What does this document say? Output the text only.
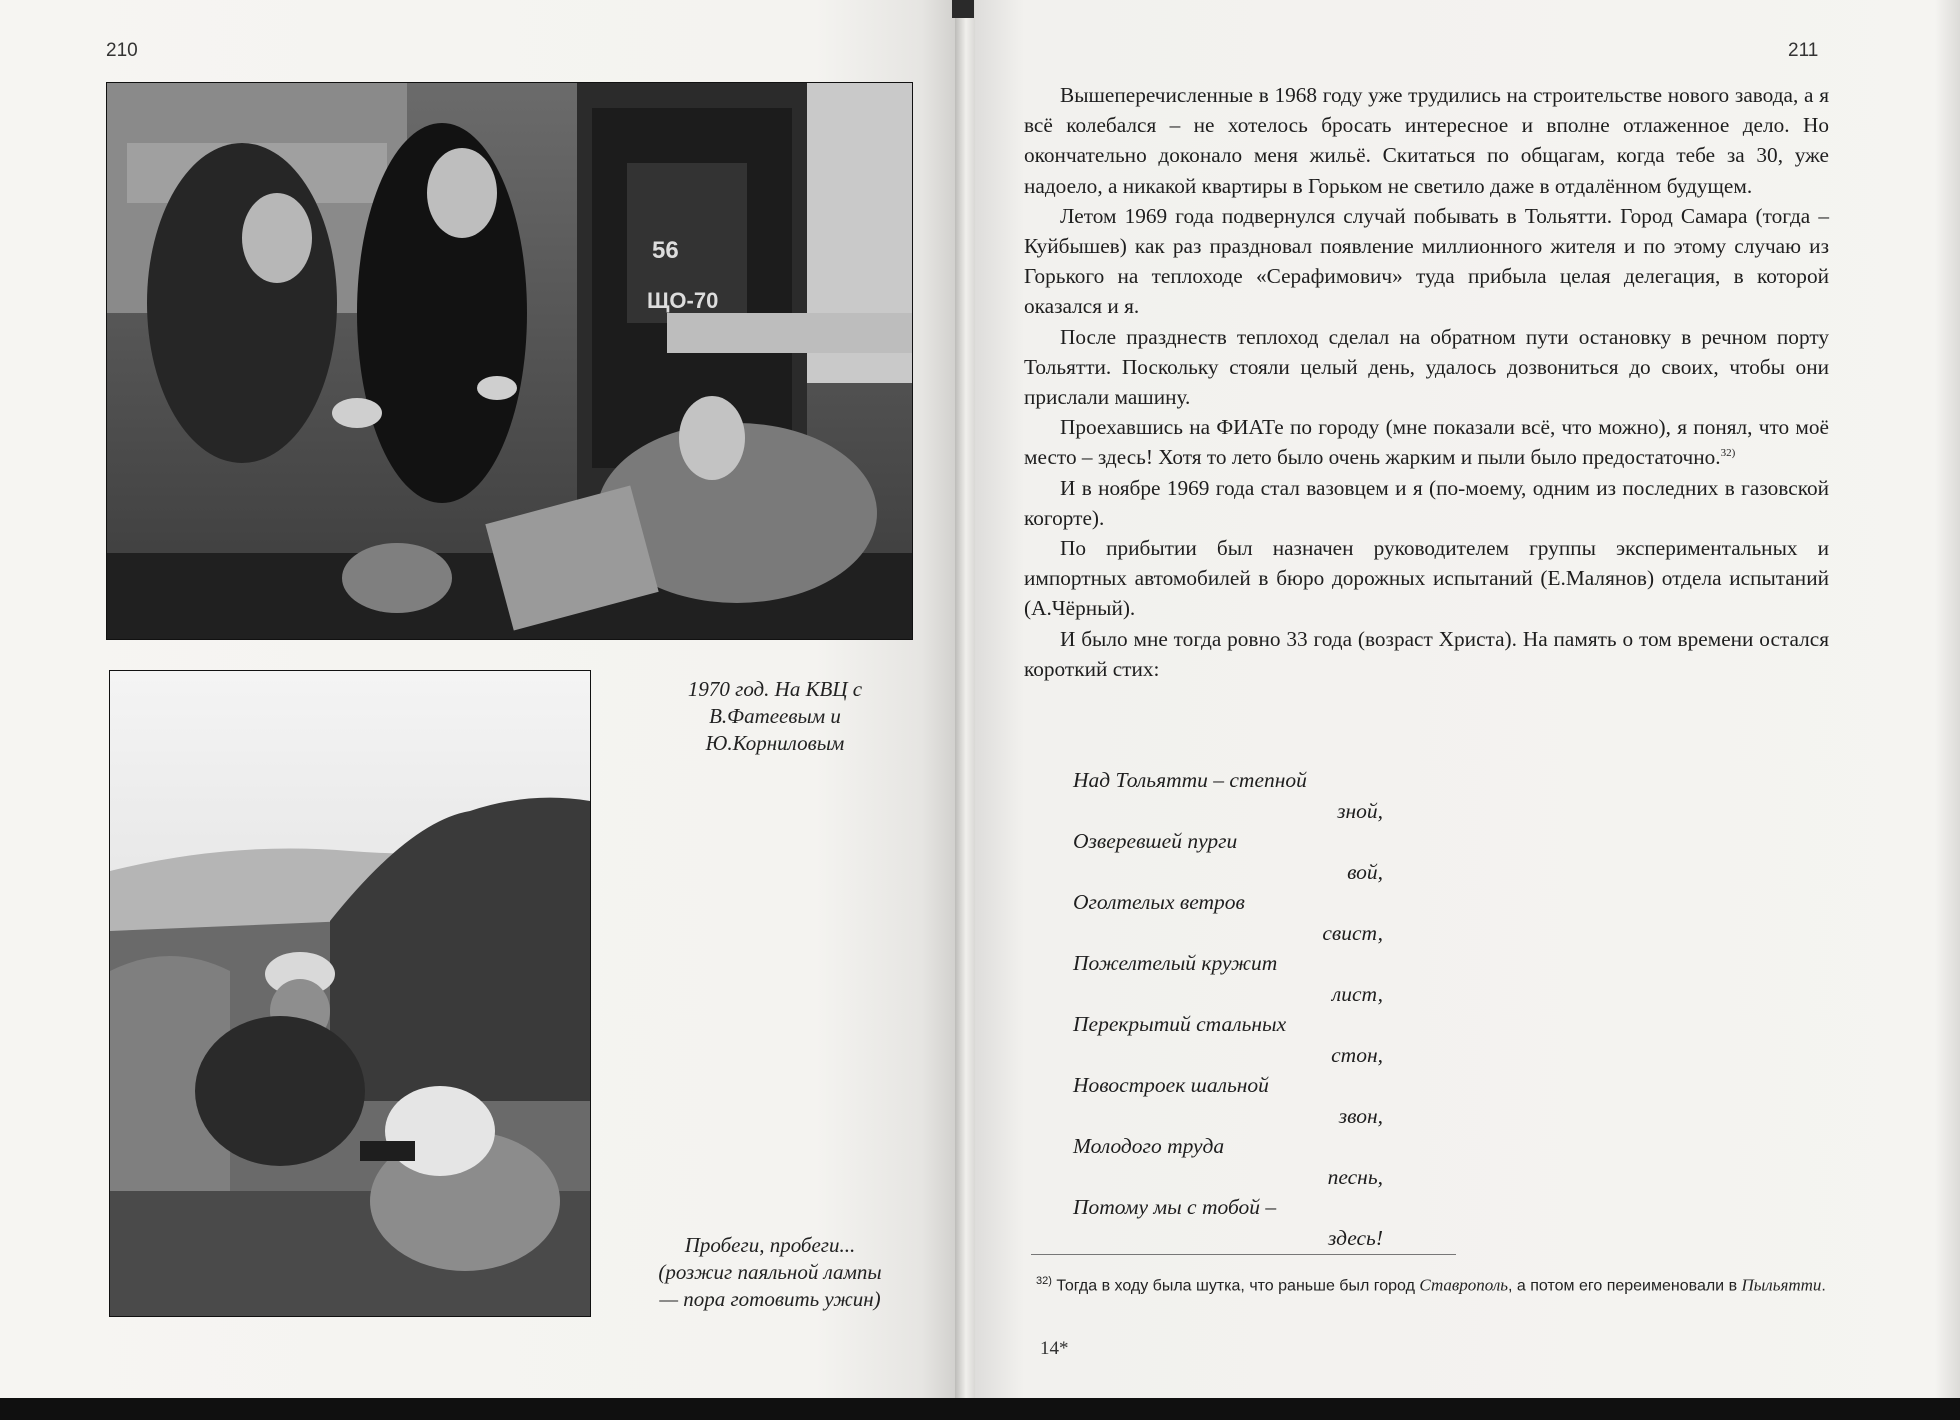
210
56
ЩО-70
1970 год. На КВЦ с
В.Фатеевым и
Ю.Корниловым
Пробеги, пробеги...
(розжиг паяльной лампы
— пора готовить ужин)
211

Вышеперечисленные в 1968 году уже трудились на строительстве нового завода, а я всё колебался – не хотелось бросать интересное и вполне отлаженное дело. Но окончательно доконало меня жильё. Скитаться по общагам, когда тебе за 30, уже надоело, а никакой квартиры в Горьком не светило даже в отдалённом будущем.

Летом 1969 года подвернулся случай побывать в Тольятти. Город Самара (тогда – Куйбышев) как раз праздновал появление миллионного жителя и по этому случаю из Горького на теплоходе «Серафимович» туда прибыла целая делегация, в которой оказался и я.

После празднеств теплоход сделал на обратном пути остановку в речном порту Тольятти. Поскольку стояли целый день, удалось дозвониться до своих, чтобы они прислали машину.

Проехавшись на ФИАТе по городу (мне показали всё, что можно), я понял, что моё место – здесь! Хотя то лето было очень жарким и пыли было предостаточно.$^{32)}$

И в ноябре 1969 года стал вазовцем и я (по-моему, одним из последних в газовской когорте).

По прибытии был назначен руководителем группы экспериментальных и импортных автомобилей в бюро дорожных испытаний (Е.Малянов) отдела испытаний (А.Чёрный).

И было мне тогда ровно 33 года (возраст Христа). На память о том времени остался короткий стих:

Над Тольятти – степной
зной,
Озверевшей пурги
вой,
Оголтелых ветров
свист,
Пожелтелый кружит
лист,
Перекрытий стальных
стон,
Новостроек шальной
звон,
Молодого труда
песнь,
Потому мы с тобой –
здесь!
$^{32)}$ Тогда в ходу была шутка, что раньше был город Ставрополь, а потом его переименовали в Пыльятти.
14*
